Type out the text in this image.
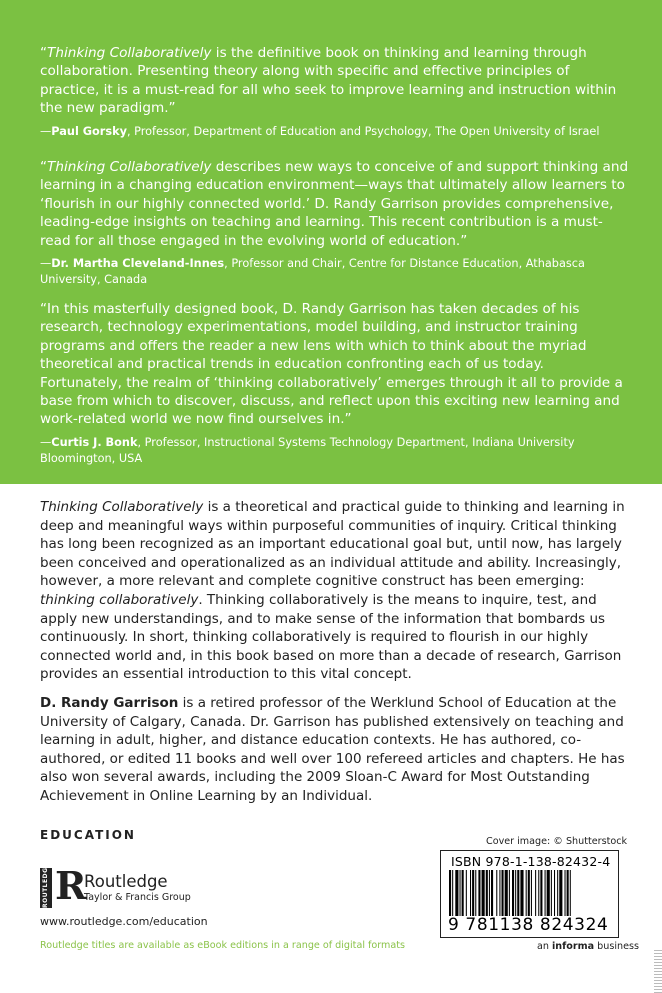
“Thinking Collaboratively is the definitive book on thinking and learning through collaboration. Presenting theory along with specific and effective principles of practice, it is a must-read for all who seek to improve learning and instruction within the new paradigm.”

—Paul Gorsky, Professor, Department of Education and Psychology, The Open University of Israel

“Thinking Collaboratively describes new ways to conceive of and support thinking and learning in a changing education environment—ways that ultimately allow learners to ‘flourish in our highly connected world.’ D. Randy Garrison provides comprehensive, leading-edge insights on teaching and learning. This recent contribution is a must-read for all those engaged in the evolving world of education.”

—Dr. Martha Cleveland-Innes, Professor and Chair, Centre for Distance Education, Athabasca University, Canada

“In this masterfully designed book, D. Randy Garrison has taken decades of his research, technology experimentations, model building, and instructor training programs and offers the reader a new lens with which to think about the myriad theoretical and practical trends in education confronting each of us today. Fortunately, the realm of ‘thinking collaboratively’ emerges through it all to provide a base from which to discover, discuss, and reflect upon this exciting new learning and work-related world we now find ourselves in.”

—Curtis J. Bonk, Professor, Instructional Systems Technology Department, Indiana University Bloomington, USA

Thinking Collaboratively is a theoretical and practical guide to thinking and learning in deep and meaningful ways within purposeful communities of inquiry. Critical thinking has long been recognized as an important educational goal but, until now, has largely been conceived and operationalized as an individual attitude and ability. Increasingly, however, a more relevant and complete cognitive construct has been emerging: thinking collaboratively. Thinking collaboratively is the means to inquire, test, and apply new understandings, and to make sense of the information that bombards us continuously. In short, thinking collaboratively is required to flourish in our highly connected world and, in this book based on more than a decade of research, Garrison provides an essential introduction to this vital concept.

D. Randy Garrison is a retired professor of the Werklund School of Education at the University of Calgary, Canada. Dr. Garrison has published extensively on teaching and learning in adult, higher, and distance education contexts. He has authored, co-authored, or edited 11 books and well over 100 refereed articles and chapters. He has also won several awards, including the 2009 Sloan-C Award for Most Outstanding Achievement in Online Learning by an Individual.

EDUCATION
ROUTLEDGE R
Routledge
Taylor & Francis Group
www.routledge.com/education
Routledge titles are available as eBook editions in a range of digital formats
Cover image: © Shutterstock
ISBN 978-1-138-82432-4
9 781138 824324
an informa business
